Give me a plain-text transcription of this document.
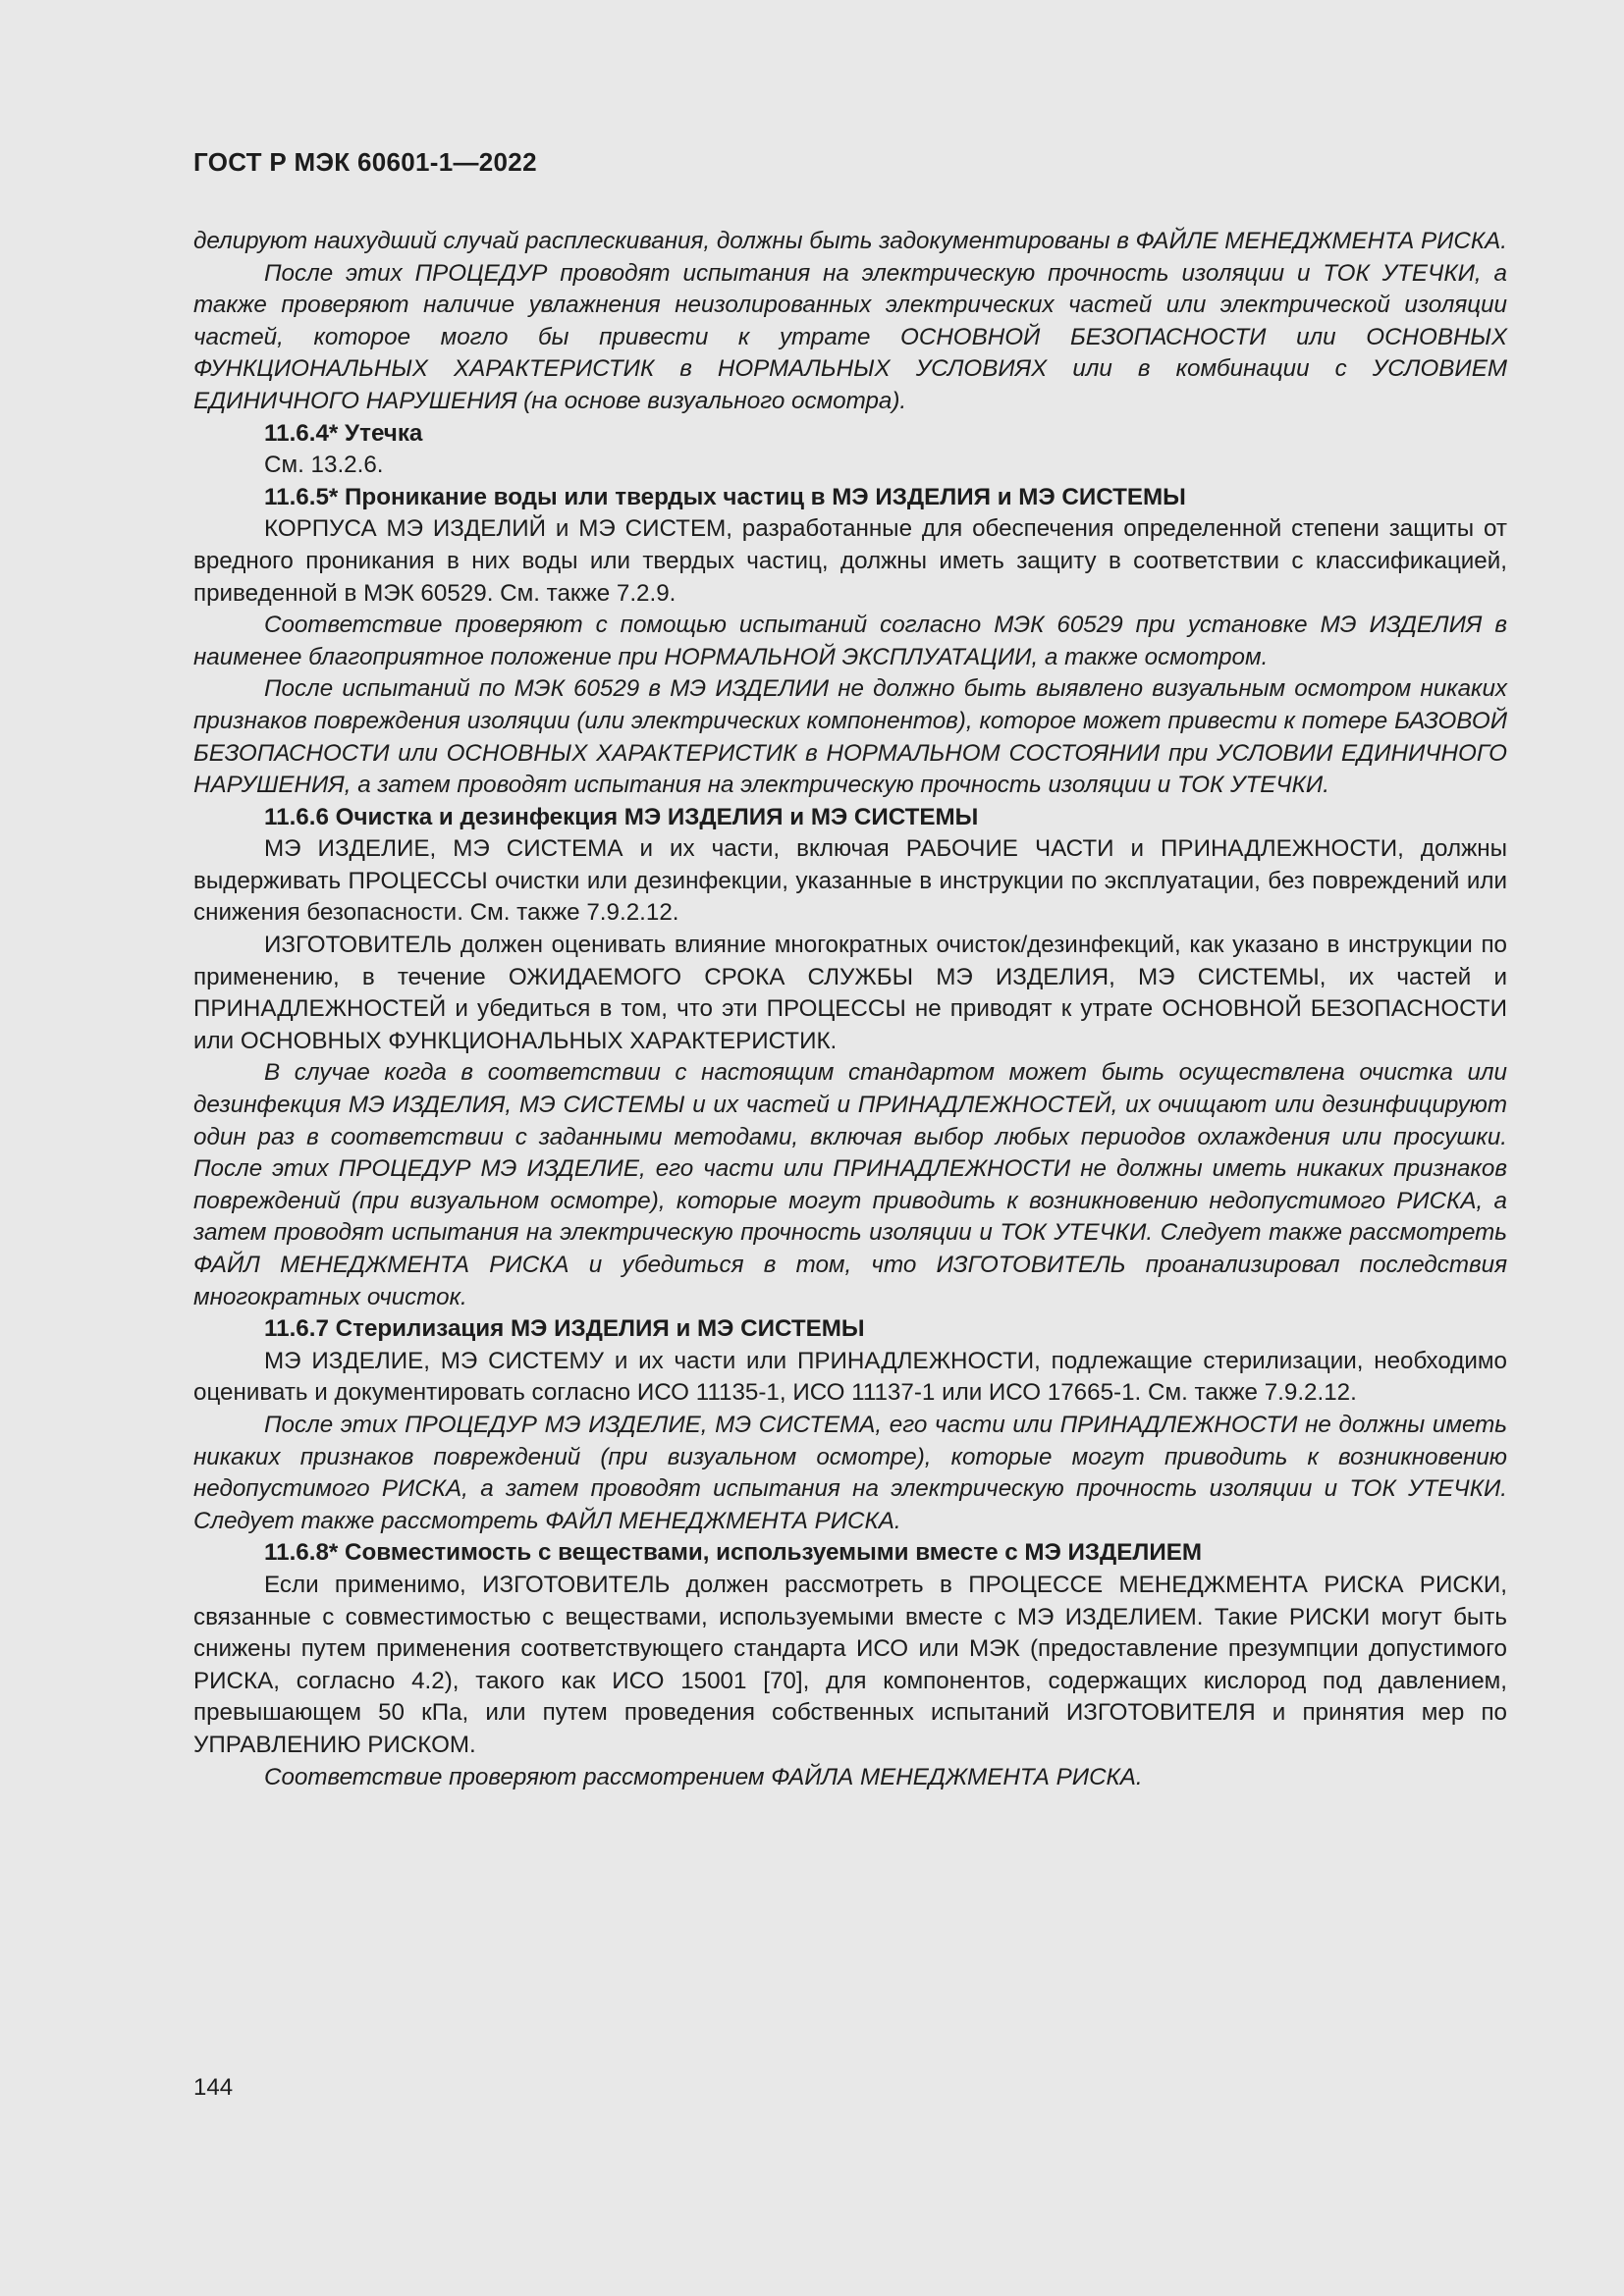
ГОСТ Р МЭК 60601-1—2022

делируют наихудший случай расплескивания, должны быть задокументированы в ФАЙЛЕ МЕНЕДЖМЕНТА РИСКА.

После этих ПРОЦЕДУР проводят испытания на электрическую прочность изоляции и ТОК УТЕЧКИ, а также проверяют наличие увлажнения неизолированных электрических частей или электрической изоляции частей, которое могло бы привести к утрате ОСНОВНОЙ БЕЗОПАСНОСТИ или ОСНОВНЫХ ФУНКЦИОНАЛЬНЫХ ХАРАКТЕРИСТИК в НОРМАЛЬНЫХ УСЛОВИЯХ или в комбинации с УСЛОВИЕМ ЕДИНИЧНОГО НАРУШЕНИЯ (на основе визуального осмотра).

11.6.4* Утечка

См. 13.2.6.

11.6.5* Проникание воды или твердых частиц в МЭ ИЗДЕЛИЯ и МЭ СИСТЕМЫ

КОРПУСА МЭ ИЗДЕЛИЙ и МЭ СИСТЕМ, разработанные для обеспечения определенной степени защиты от вредного проникания в них воды или твердых частиц, должны иметь защиту в соответствии с классификацией, приведенной в МЭК 60529. См. также 7.2.9.

Соответствие проверяют с помощью испытаний согласно МЭК 60529 при установке МЭ ИЗДЕЛИЯ в наименее благоприятное положение при НОРМАЛЬНОЙ ЭКСПЛУАТАЦИИ, а также осмотром.

После испытаний по МЭК 60529 в МЭ ИЗДЕЛИИ не должно быть выявлено визуальным осмотром никаких признаков повреждения изоляции (или электрических компонентов), которое может привести к потере БАЗОВОЙ БЕЗОПАСНОСТИ или ОСНОВНЫХ ХАРАКТЕРИСТИК в НОРМАЛЬНОМ СОСТОЯНИИ при УСЛОВИИ ЕДИНИЧНОГО НАРУШЕНИЯ, а затем проводят испытания на электрическую прочность изоляции и ТОК УТЕЧКИ.

11.6.6 Очистка и дезинфекция МЭ ИЗДЕЛИЯ и МЭ СИСТЕМЫ

МЭ ИЗДЕЛИЕ, МЭ СИСТЕМА и их части, включая РАБОЧИЕ ЧАСТИ и ПРИНАДЛЕЖНОСТИ, должны выдерживать ПРОЦЕССЫ очистки или дезинфекции, указанные в инструкции по эксплуатации, без повреждений или снижения безопасности. См. также 7.9.2.12.

ИЗГОТОВИТЕЛЬ должен оценивать влияние многократных очисток/дезинфекций, как указано в инструкции по применению, в течение ОЖИДАЕМОГО СРОКА СЛУЖБЫ МЭ ИЗДЕЛИЯ, МЭ СИСТЕМЫ, их частей и ПРИНАДЛЕЖНОСТЕЙ и убедиться в том, что эти ПРОЦЕССЫ не приводят к утрате ОСНОВНОЙ БЕЗОПАСНОСТИ или ОСНОВНЫХ ФУНКЦИОНАЛЬНЫХ ХАРАКТЕРИСТИК.

В случае когда в соответствии с настоящим стандартом может быть осуществлена очистка или дезинфекция МЭ ИЗДЕЛИЯ, МЭ СИСТЕМЫ и их частей и ПРИНАДЛЕЖНОСТЕЙ, их очищают или дезинфицируют один раз в соответствии с заданными методами, включая выбор любых периодов охлаждения или просушки. После этих ПРОЦЕДУР МЭ ИЗДЕЛИЕ, его части или ПРИНАДЛЕЖНОСТИ не должны иметь никаких признаков повреждений (при визуальном осмотре), которые могут приводить к возникновению недопустимого РИСКА, а затем проводят испытания на электрическую прочность изоляции и ТОК УТЕЧКИ. Следует также рассмотреть ФАЙЛ МЕНЕДЖМЕНТА РИСКА и убедиться в том, что ИЗГОТОВИТЕЛЬ проанализировал последствия многократных очисток.

11.6.7 Стерилизация МЭ ИЗДЕЛИЯ и МЭ СИСТЕМЫ

МЭ ИЗДЕЛИЕ, МЭ СИСТЕМУ и их части или ПРИНАДЛЕЖНОСТИ, подлежащие стерилизации, необходимо оценивать и документировать согласно ИСО 11135-1, ИСО 11137-1 или ИСО 17665-1. См. также 7.9.2.12.

После этих ПРОЦЕДУР МЭ ИЗДЕЛИЕ, МЭ СИСТЕМА, его части или ПРИНАДЛЕЖНОСТИ не должны иметь никаких признаков повреждений (при визуальном осмотре), которые могут приводить к возникновению недопустимого РИСКА, а затем проводят испытания на электрическую прочность изоляции и ТОК УТЕЧКИ. Следует также рассмотреть ФАЙЛ МЕНЕДЖМЕНТА РИСКА.

11.6.8* Совместимость с веществами, используемыми вместе с МЭ ИЗДЕЛИЕМ

Если применимо, ИЗГОТОВИТЕЛЬ должен рассмотреть в ПРОЦЕССЕ МЕНЕДЖМЕНТА РИСКА РИСКИ, связанные с совместимостью с веществами, используемыми вместе с МЭ ИЗДЕЛИЕМ. Такие РИСКИ могут быть снижены путем применения соответствующего стандарта ИСО или МЭК (предоставление презумпции допустимого РИСКА, согласно 4.2), такого как ИСО 15001 [70], для компонентов, содержащих кислород под давлением, превышающем 50 кПа, или путем проведения собственных испытаний ИЗГОТОВИТЕЛЯ и принятия мер по УПРАВЛЕНИЮ РИСКОМ.

Соответствие проверяют рассмотрением ФАЙЛА МЕНЕДЖМЕНТА РИСКА.

144
